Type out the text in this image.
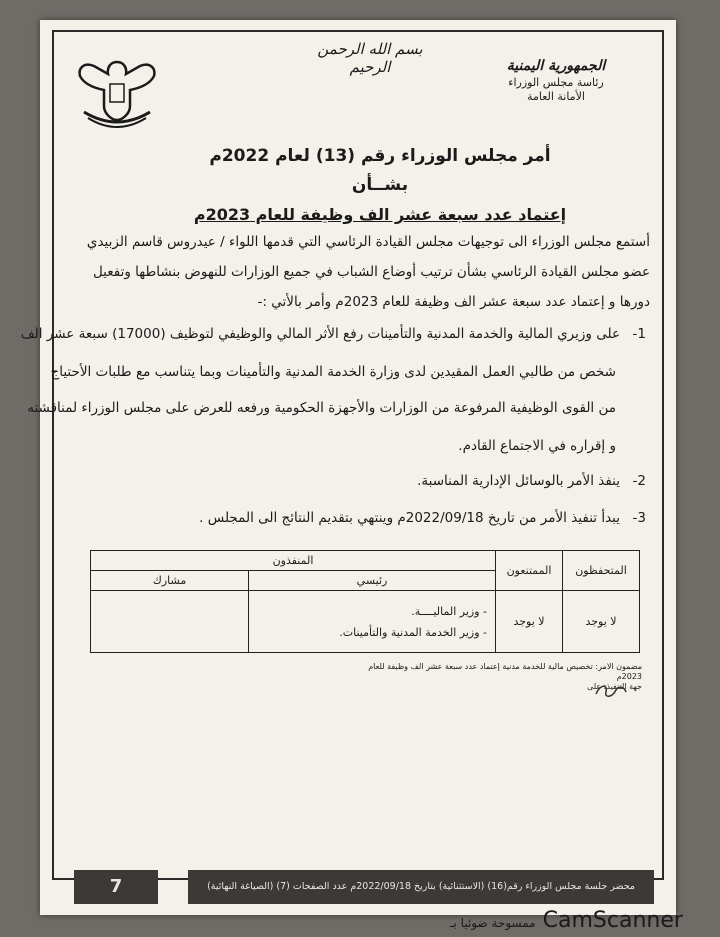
بسم الله الرحمن الرحيم	الجمهورية اليمنية
رئاسة مجلس الوزراء
الأمانة العامة
أمر مجلس الوزراء رقم (13) لعام 2022م
بشــأن
إعتماد عدد سبعة عشر الف وظيفة للعام 2023م
أستمع مجلس الوزراء الى توجيهات مجلس القيادة الرئاسي التي قدمها اللواء / عيدروس قاسم الزبيدي
عضو مجلس القيادة الرئاسي بشأن ترتيب أوضاع الشباب في جميع الوزارات للنهوض بنشاطها وتفعيل
دورها و إعتماد عدد سبعة عشر الف وظيفة للعام 2023م وأمر بالأتي :-
1-على وزيري المالية والخدمة المدنية والتأمينات رفع الأثر المالي والوظيفي لتوظيف (17000) سبعة عشر الف
شخص من طالبي العمل المقيدين لدى وزارة الخدمة المدنية والتأمينات وبما يتناسب مع طلبات الأحتياج
من القوى الوظيفية المرفوعة من الوزارات والأجهزة الحكومية ورفعه للعرض على مجلس الوزراء لمناقشته
و إقراره في الاجتماع القادم.
2-ينفذ الأمر بالوسائل الإدارية المناسبة.
3-يبدأ تنفيذ الأمر من تاريخ 2022/09/18م وينتهي بتقديم النتائج الى المجلس .
المتحفظون	الممتنعون	المنفذون	
		رئيسي	مشارك
لا يوجد	لا يوجد	- وزير الماليــــة.
- وزير الخدمة المدنية والتأمينات.	

مضمون الامر: تخصيص مالية للخدمة مدنية إعتماد عدد سبعة عشر الف وظيفة للعام
2023م
جهة التنفيذ: على
7	محضر جلسة مجلس الوزراء رقم(16) (الاستثنائية) بتاريخ 2022/09/18م عدد الصفحات (7) (الصياغة النهائية)
ممسوحة ضوئيا بـ CamScanner
